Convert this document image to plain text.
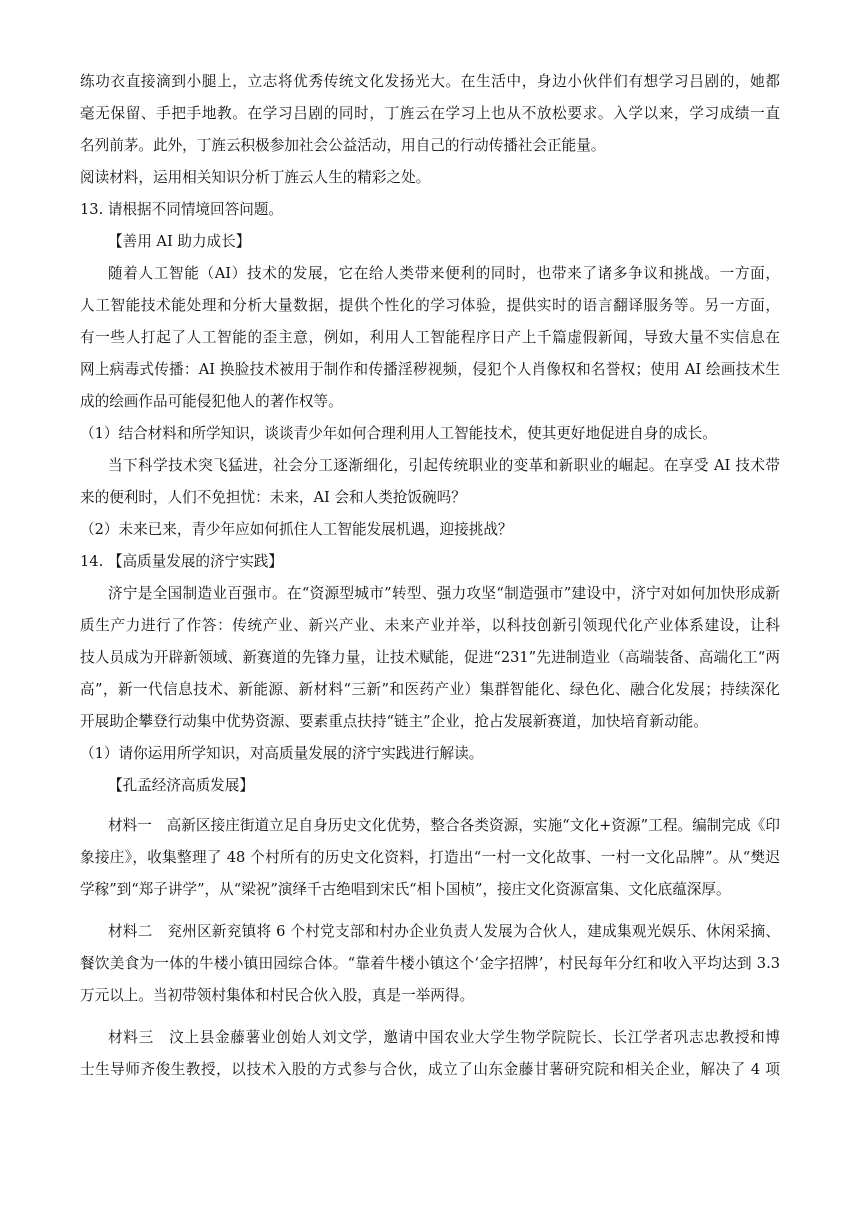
练功衣直接滴到小腿上，立志将优秀传统文化发扬光大。在生活中，身边小伙伴们有想学习吕剧的，她都
毫无保留、手把手地教。在学习吕剧的同时，丁旌云在学习上也从不放松要求。入学以来，学习成绩一直
名列前茅。此外，丁旌云积极参加社会公益活动，用自己的行动传播社会正能量。
阅读材料，运用相关知识分析丁旌云人生的精彩之处。
13. 请根据不同情境回答问题。
【善用 AI 助力成长】
随着人工智能（AI）技术的发展，它在给人类带来便利的同时，也带来了诸多争议和挑战。一方面，
人工智能技术能处理和分析大量数据，提供个性化的学习体验，提供实时的语言翻译服务等。另一方面，
有一些人打起了人工智能的歪主意，例如，利用人工智能程序日产上千篇虚假新闻，导致大量不实信息在
网上病毒式传播：AI 换脸技术被用于制作和传播淫秽视频，侵犯个人肖像权和名誉权；使用 AI 绘画技术生
成的绘画作品可能侵犯他人的著作权等。
（1）结合材料和所学知识，谈谈青少年如何合理利用人工智能技术，使其更好地促进自身的成长。
当下科学技术突飞猛进，社会分工逐渐细化，引起传统职业的变革和新职业的崛起。在享受 AI 技术带
来的便利时，人们不免担忧：未来，AI 会和人类抢饭碗吗？
（2）未来已来，青少年应如何抓住人工智能发展机遇，迎接挑战？
14. 【高质量发展的济宁实践】
济宁是全国制造业百强市。在“资源型城市”转型、强力攻坚“制造强市”建设中，济宁对如何加快形成新
质生产力进行了作答：传统产业、新兴产业、未来产业并举，以科技创新引领现代化产业体系建设，让科
技人员成为开辟新领域、新赛道的先锋力量，让技术赋能，促进“231”先进制造业（高端装备、高端化工“两
高”，新一代信息技术、新能源、新材料“三新”和医药产业）集群智能化、绿色化、融合化发展；持续深化
开展助企攀登行动集中优势资源、要素重点扶持“链主”企业，抢占发展新赛道，加快培育新动能。
（1）请你运用所学知识，对高质量发展的济宁实践进行解读。
【孔孟经济高质发展】
材料一　高新区接庄街道立足自身历史文化优势，整合各类资源，实施“文化+资源”工程。编制完成《印
象接庄》，收集整理了 48 个村所有的历史文化资料，打造出“一村一文化故事、一村一文化品牌”。从“樊迟
学稼”到“郑子讲学”，从“梁祝”演绎千古绝唱到宋氏“相卜国桢”，接庄文化资源富集、文化底蕴深厚。
材料二　兖州区新兖镇将 6 个村党支部和村办企业负责人发展为合伙人，建成集观光娱乐、休闲采摘、
餐饮美食为一体的牛楼小镇田园综合体。“靠着牛楼小镇这个‘金字招牌’，村民每年分红和收入平均达到 3.3
万元以上。当初带领村集体和村民合伙入股，真是一举两得。
材料三　汶上县金藤薯业创始人刘文学，邀请中国农业大学生物学院院长、长江学者巩志忠教授和博
士生导师齐俊生教授，以技术入股的方式参与合伙，成立了山东金藤甘薯研究院和相关企业，解决了 4 项
